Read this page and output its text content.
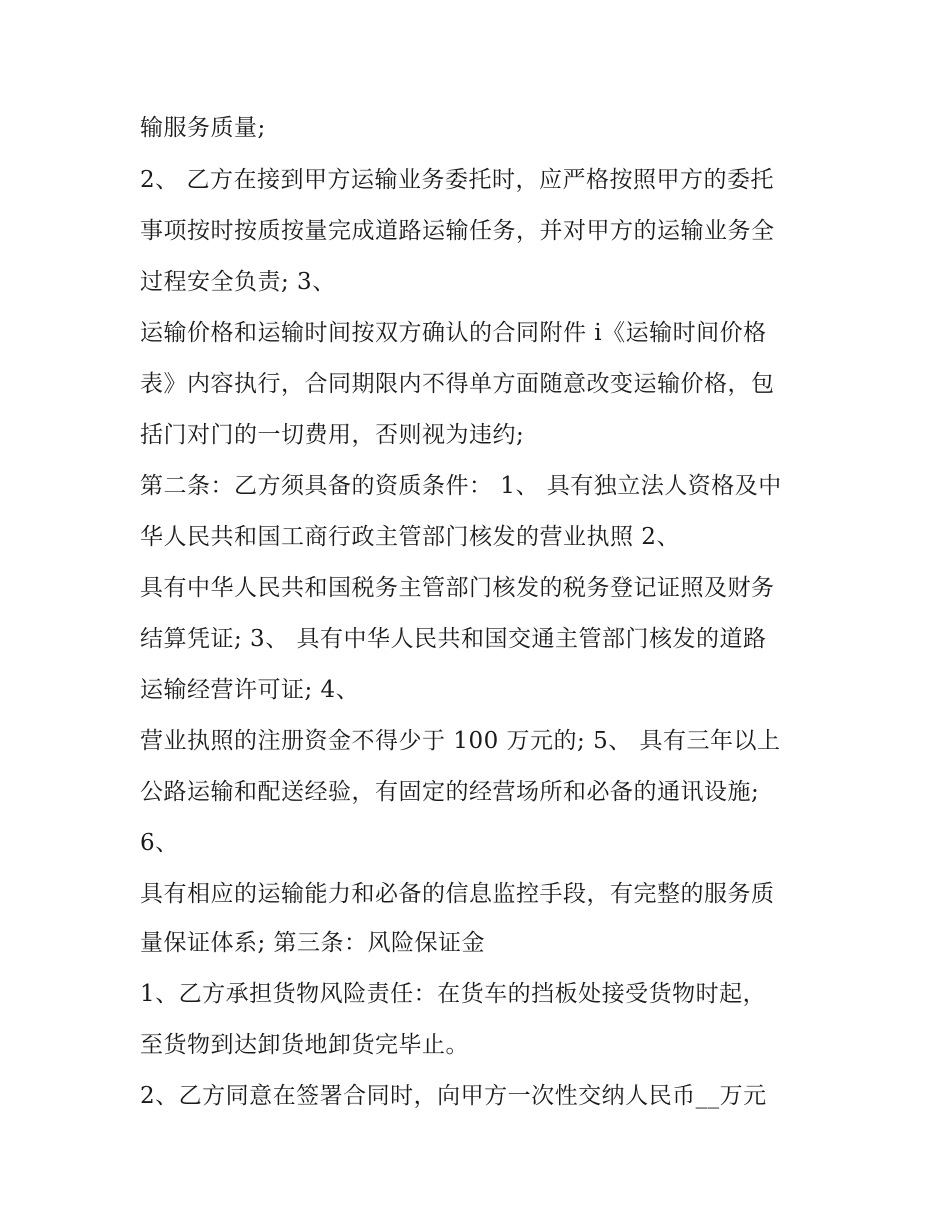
输服务质量;
2、 乙方在接到甲方运输业务委托时，应严格按照甲方的委托
事项按时按质按量完成道路运输任务，并对甲方的运输业务全
过程安全负责; 3、
运输价格和运输时间按双方确认的合同附件 i《运输时间价格
表》内容执行，合同期限内不得单方面随意改变运输价格，包
括门对门的一切费用，否则视为违约;
第二条：乙方须具备的资质条件： 1、 具有独立法人资格及中
华人民共和国工商行政主管部门核发的营业执照 2、
具有中华人民共和国税务主管部门核发的税务登记证照及财务
结算凭证; 3、 具有中华人民共和国交通主管部门核发的道路
运输经营许可证; 4、
营业执照的注册资金不得少于 100 万元的; 5、 具有三年以上
公路运输和配送经验，有固定的经营场所和必备的通讯设施;
6、
具有相应的运输能力和必备的信息监控手段，有完整的服务质
量保证体系; 第三条：风险保证金
1、乙方承担货物风险责任：在货车的挡板处接受货物时起，
至货物到达卸货地卸货完毕止。
2、乙方同意在签署合同时，向甲方一次性交纳人民币__万元
